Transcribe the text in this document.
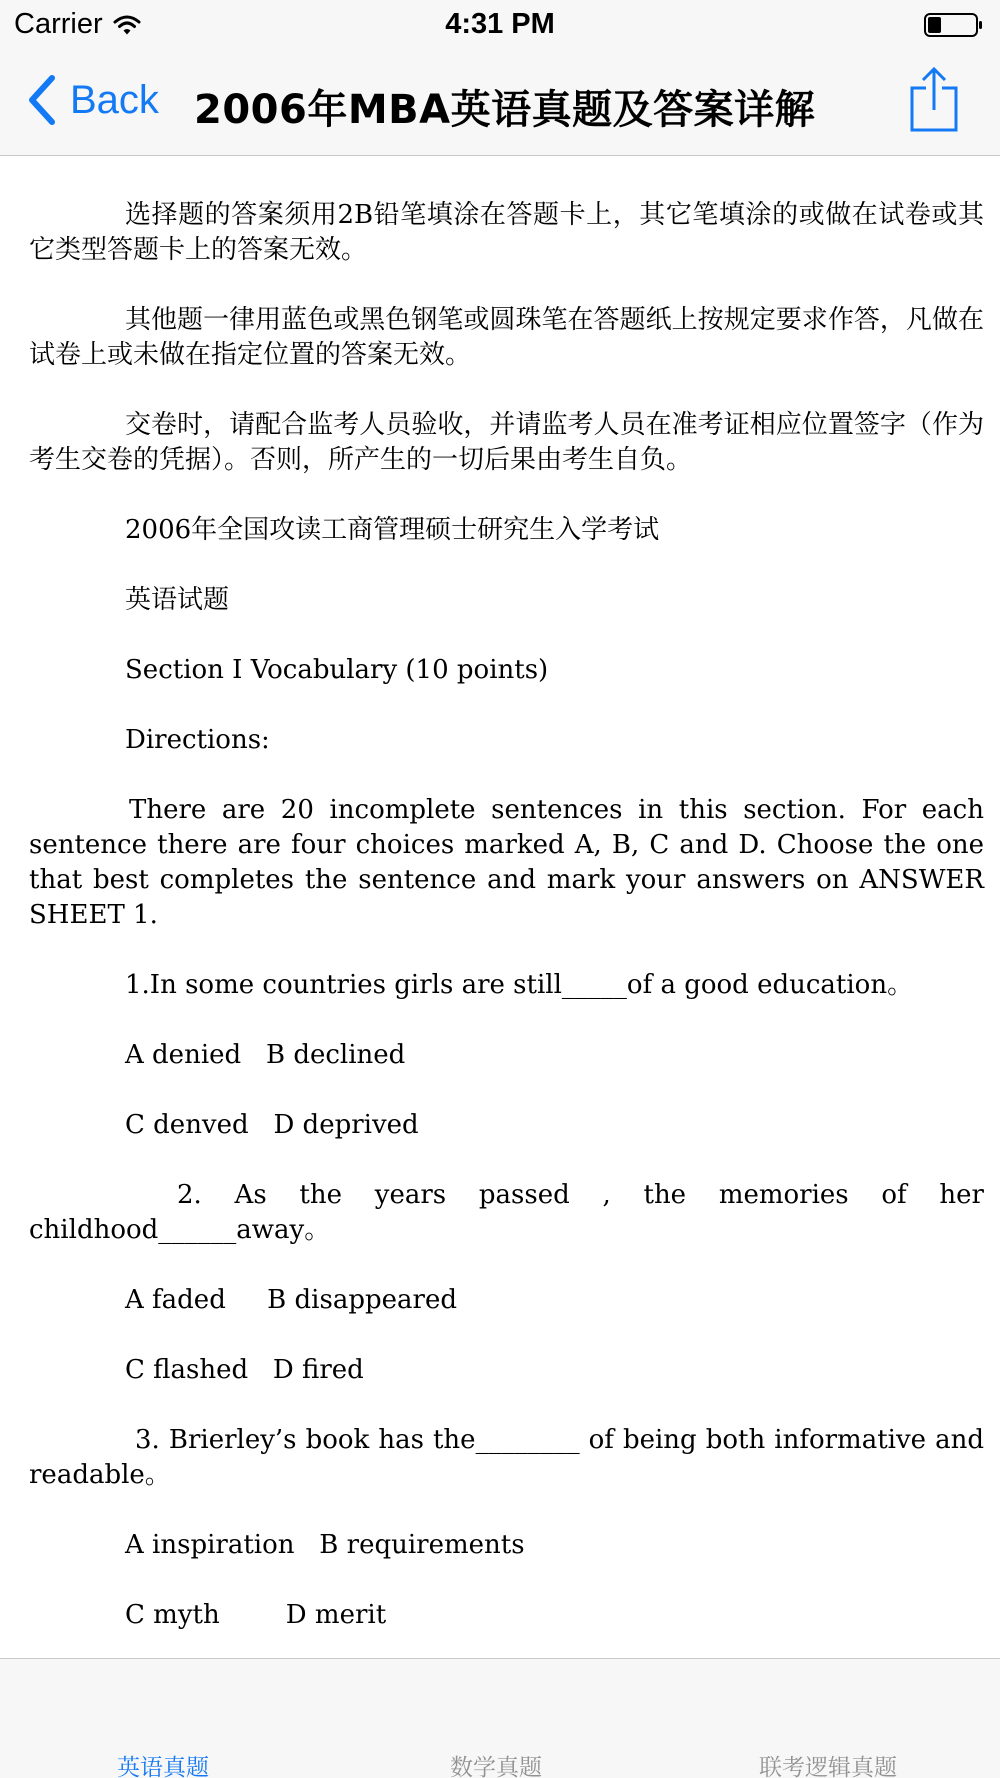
Carrier	4:31 PM
Back 2006年MBA英语真题及答案详解

选择题的答案须用2B铅笔填涂在答题卡上，其它笔填涂的或做在试卷或其它类型答题卡上的答案无效。

其他题一律用蓝色或黑色钢笔或圆珠笔在答题纸上按规定要求作答，凡做在试卷上或未做在指定位置的答案无效。

交卷时，请配合监考人员验收，并请监考人员在准考证相应位置签字（作为考生交卷的凭据）。否则，所产生的一切后果由考生自负。

2006年全国攻读工商管理硕士研究生入学考试

英语试题

Section I Vocabulary (10 points)

Directions:

There are 20 incomplete sentences in this section. For each sentence there are four choices marked A, B, C and D. Choose the one that best completes the sentence and mark your answers on ANSWER SHEET 1.

1.In some countries girls are still_____of a good education。

A denied   B declined

C denved   D deprived

2. As the years passed , the memories of her childhood______away。

A faded     B disappeared

C flashed   D fired

3. Brierley’s book has the________ of being both informative and readable。

A inspiration   B requirements

C myth        D merit

英语真题	数学真题	联考逻辑真题
